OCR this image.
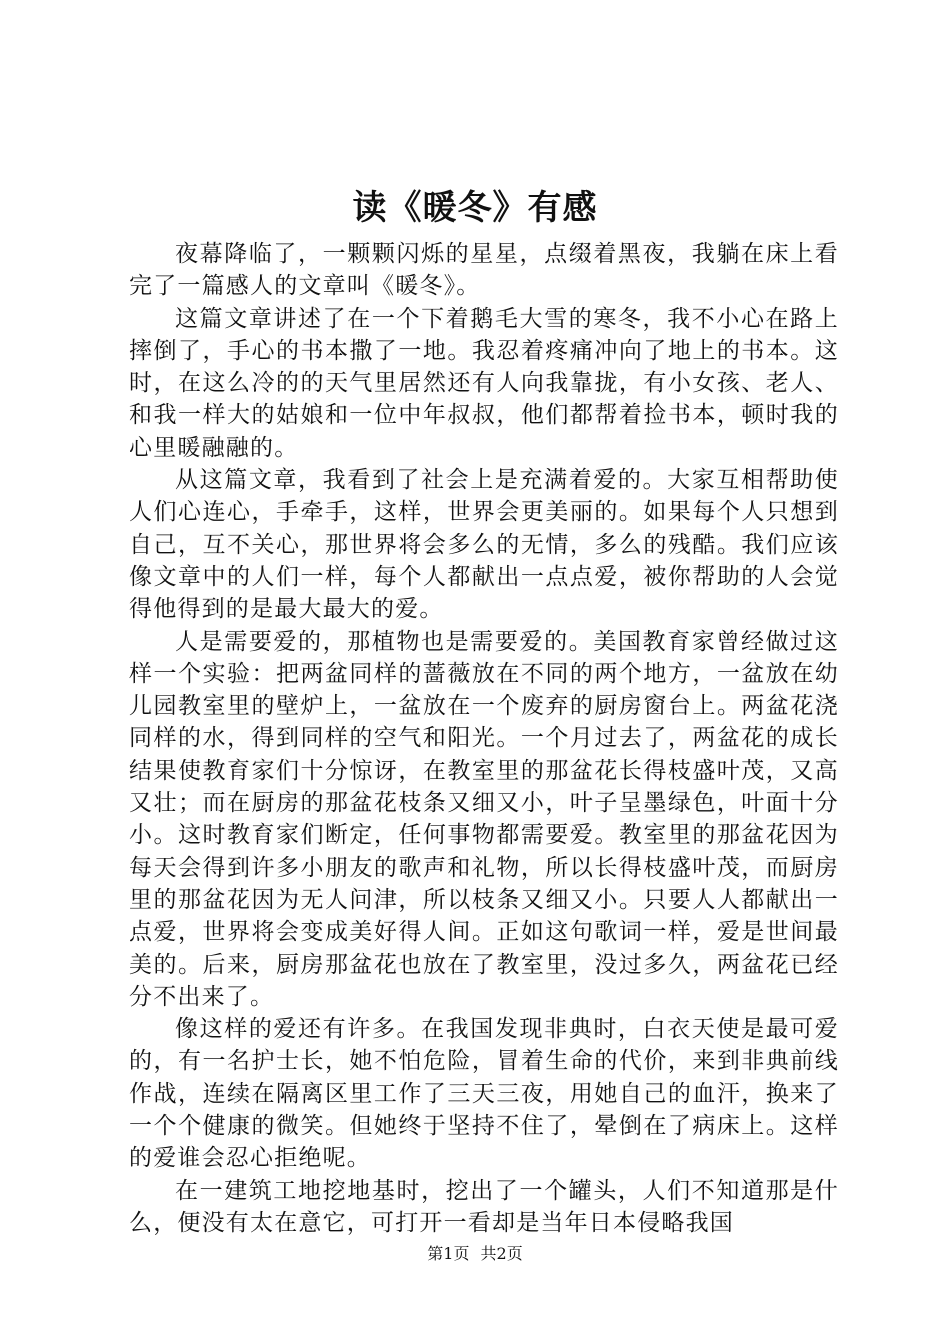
读《暖冬》有感

夜幕降临了，一颗颗闪烁的星星，点缀着黑夜，我躺在床上看完了一篇感人的文章叫《暖冬》。

这篇文章讲述了在一个下着鹅毛大雪的寒冬，我不小心在路上摔倒了，手心的书本撒了一地。我忍着疼痛冲向了地上的书本。这时，在这么冷的的天气里居然还有人向我靠拢，有小女孩、老人、和我一样大的姑娘和一位中年叔叔，他们都帮着捡书本，顿时我的心里暖融融的。

从这篇文章，我看到了社会上是充满着爱的。大家互相帮助使人们心连心，手牵手，这样，世界会更美丽的。如果每个人只想到自己，互不关心，那世界将会多么的无情，多么的残酷。我们应该像文章中的人们一样，每个人都献出一点点爱，被你帮助的人会觉得他得到的是最大最大的爱。

人是需要爱的，那植物也是需要爱的。美国教育家曾经做过这样一个实验：把两盆同样的蔷薇放在不同的两个地方，一盆放在幼儿园教室里的壁炉上，一盆放在一个废弃的厨房窗台上。两盆花浇同样的水，得到同样的空气和阳光。一个月过去了，两盆花的成长结果使教育家们十分惊讶，在教室里的那盆花长得枝盛叶茂，又高又壮；而在厨房的那盆花枝条又细又小，叶子呈墨绿色，叶面十分小。这时教育家们断定，任何事物都需要爱。教室里的那盆花因为每天会得到许多小朋友的歌声和礼物，所以长得枝盛叶茂，而厨房里的那盆花因为无人问津，所以枝条又细又小。只要人人都献出一点爱，世界将会变成美好得人间。正如这句歌词一样，爱是世间最美的。后来，厨房那盆花也放在了教室里，没过多久，两盆花已经分不出来了。

像这样的爱还有许多。在我国发现非典时，白衣天使是最可爱的，有一名护士长，她不怕危险，冒着生命的代价，来到非典前线作战，连续在隔离区里工作了三天三夜，用她自己的血汗，换来了一个个健康的微笑。但她终于坚持不住了，晕倒在了病床上。这样的爱谁会忍心拒绝呢。

在一建筑工地挖地基时，挖出了一个罐头，人们不知道那是什么，便没有太在意它，可打开一看却是当年日本侵略我国

第1页 共2页
